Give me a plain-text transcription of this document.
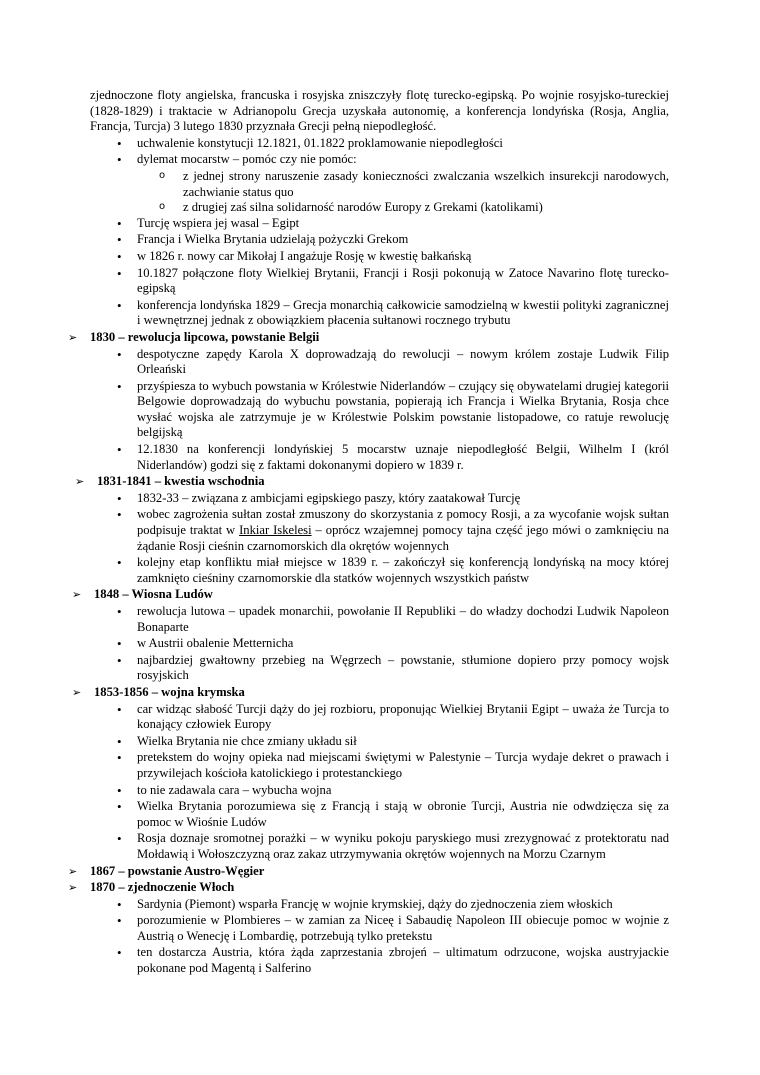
zjednoczone floty angielska, francuska i rosyjska zniszczyły flotę turecko-egipską. Po wojnie rosyjsko-tureckiej (1828-1829) i traktacie w Adrianopolu Grecja uzyskała autonomię, a konferencja londyńska (Rosja, Anglia, Francja, Turcja) 3 lutego 1830 przyznała Grecji pełną niepodległość.

• uchwalenie konstytucji 12.1821, 01.1822 proklamowanie niepodległości
• dylemat mocarstw – pomóc czy nie pomóc:
o z jednej strony naruszenie zasady konieczności zwalczania wszelkich insurekcji narodowych, zachwianie status quo
o z drugiej zaś silna solidarność narodów Europy z Grekami (katolikami)
• Turcję wspiera jej wasal – Egipt
• Francja i Wielka Brytania udzielają pożyczki Grekom
• w 1826 r. nowy car Mikołaj I angażuje Rosję w kwestię bałkańską
• 10.1827 połączone floty Wielkiej Brytanii, Francji i Rosji pokonują w Zatoce Navarino flotę turecko-egipską
• konferencja londyńska 1829 – Grecja monarchią całkowicie samodzielną w kwestii polityki zagranicznej i wewnętrznej jednak z obowiązkiem płacenia sułtanowi rocznego trybutu
➢ 1830 – rewolucja lipcowa, powstanie Belgii
• despotyczne zapędy Karola X doprowadzają do rewolucji – nowym królem zostaje Ludwik Filip Orleański
• przyśpiesza to wybuch powstania w Królestwie Niderlandów – czujący się obywatelami drugiej kategorii Belgowie doprowadzają do wybuchu powstania, popierają ich Francja i Wielka Brytania, Rosja chce wysłać wojska ale zatrzymuje je w Królestwie Polskim powstanie listopadowe, co ratuje rewolucję belgijską
• 12.1830 na konferencji londyńskiej 5 mocarstw uznaje niepodległość Belgii, Wilhelm I (król Niderlandów) godzi się z faktami dokonanymi dopiero w 1839 r.
➢ 1831-1841 – kwestia wschodnia
• 1832-33 – związana z ambicjami egipskiego paszy, który zaatakował Turcję
• wobec zagrożenia sułtan został zmuszony do skorzystania z pomocy Rosji, a za wycofanie wojsk sułtan podpisuje traktat w Inkiar Iskelesi – oprócz wzajemnej pomocy tajna część jego mówi o zamknięciu na żądanie Rosji cieśnin czarnomorskich dla okrętów wojennych
• kolejny etap konfliktu miał miejsce w 1839 r. – zakończył się konferencją londyńską na mocy której zamknięto cieśniny czarnomorskie dla statków wojennych wszystkich państw
➢ 1848 – Wiosna Ludów
• rewolucja lutowa – upadek monarchii, powołanie II Republiki – do władzy dochodzi Ludwik Napoleon Bonaparte
• w Austrii obalenie Metternicha
• najbardziej gwałtowny przebieg na Węgrzech – powstanie, stłumione dopiero przy pomocy wojsk rosyjskich
➢ 1853-1856 – wojna krymska
• car widząc słabość Turcji dąży do jej rozbioru, proponując Wielkiej Brytanii Egipt – uważa że Turcja to konający człowiek Europy
• Wielka Brytania nie chce zmiany układu sił
• pretekstem do wojny opieka nad miejscami świętymi w Palestynie – Turcja wydaje dekret o prawach i przywilejach kościoła katolickiego i protestanckiego
• to nie zadawala cara – wybucha wojna
• Wielka Brytania porozumiewa się z Francją i stają w obronie Turcji, Austria nie odwdzięcza się za pomoc w Wiośnie Ludów
• Rosja doznaje sromotnej porażki – w wyniku pokoju paryskiego musi zrezygnować z protektoratu nad Mołdawią i Wołoszczyzną oraz zakaz utrzymywania okrętów wojennych na Morzu Czarnym
➢ 1867 – powstanie Austro-Węgier
➢ 1870 – zjednoczenie Włoch
• Sardynia (Piemont) wsparła Francję w wojnie krymskiej, dąży do zjednoczenia ziem włoskich
• porozumienie w Plombieres – w zamian za Niceę i Sabaudię Napoleon III obiecuje pomoc w wojnie z Austrią o Wenecję i Lombardię, potrzebują tylko pretekstu
• ten dostarcza Austria, która żąda zaprzestania zbrojeń – ultimatum odrzucone, wojska austryjackie pokonane pod Magentą i Salferino
